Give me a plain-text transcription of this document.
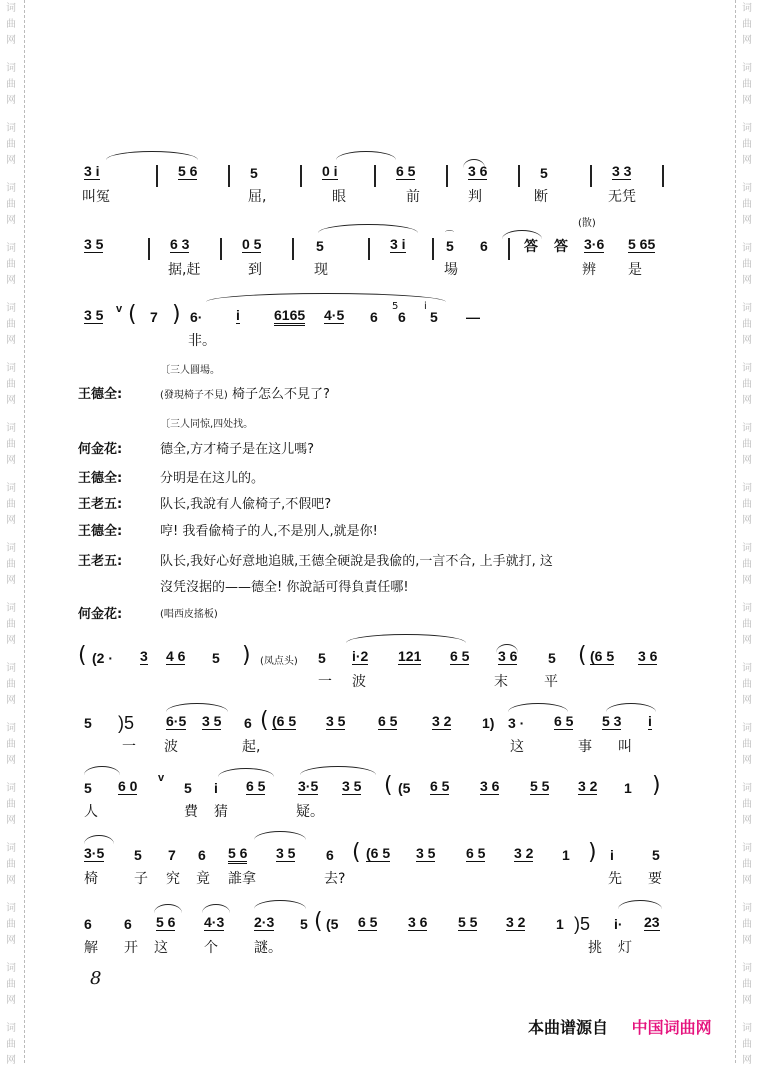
词
曲
网
词
曲
网
词
曲
网
词
曲
网
词
曲
网
词
曲
网
词
曲
网
词
曲
网
词
曲
网
词
曲
网
词
曲
网
词
曲
网
词
曲
网
词
曲
网
词
曲
网
词
曲
网
词
曲
网
词
曲
网
词
曲
网
词
曲
网
词
曲
网
词
曲
网
词
曲
网
词
曲
网
词
曲
网
词
曲
网
词
曲
网
词
曲
网
词
曲
网
词
曲
网
词
曲
网
词
曲
网
词
曲
网
词
曲
网
词
曲
网
词
曲
网
3 i	5 6	5	0 i	6 5	3 6	5	3 3
叫冤	屈,	眼	前	判	断	无凭
(散)
3 5	6 3	0 5	5	3 i	⌒
5 6	答 答 3·6 5 65
据,赶	到	现	場	辨 是
3 5 v ( 7 ) 6· i 6165 4·5 6
5
6
i
5 —
非。
〔三人圓場。
王德全:	(發現椅子不見) 椅子怎么不見了?
〔三人同惊,四处找。
何金花:	德全,方才椅子是在这儿嗎?
王德全:	分明是在这儿的。
王老五:	队长,我說有人偸椅子,不假吧?
王德全:	哼! 我看偸椅子的人,不是別人,就是你!
王老五:	队长,我好心好意地追賊,王德全硬說是我偸的,一言不合, 上手就打, 这
沒凭沒据的——德全! 你說話可得負責任哪!
何金花:	(唱西皮搖板)
( (2 · 3 4 6 5 ) (凤点头) 5 i·2 121 6 5 3 6 5 ( (6 5 3 6
一 波	末	平
5 )5 6·5 3 5 6 ( (6 5 3 5 6 5 3 2 1) 3 · 6 5 5 3 i
一 波	起,	这	事 叫
5 6 0 v
5 i 6 5 3·5 3 5 ( (5 6 5 3 6 5 5 3 2 1 )
人	費 猜	疑。
3·5 5 7 6 5 6 3 5 6 ( (6 5 3 5 6 5 3 2 1 ) i	5
椅	子 究 竟 誰拿	去?	先 要
6 6 5 6 4·3 2·3 5 ( (5 6 5 3 6 5 5 3 2 1 )5 i· 23
解 开 这	个	謎。	挑 灯
8
本曲谱源自 中国词曲网
